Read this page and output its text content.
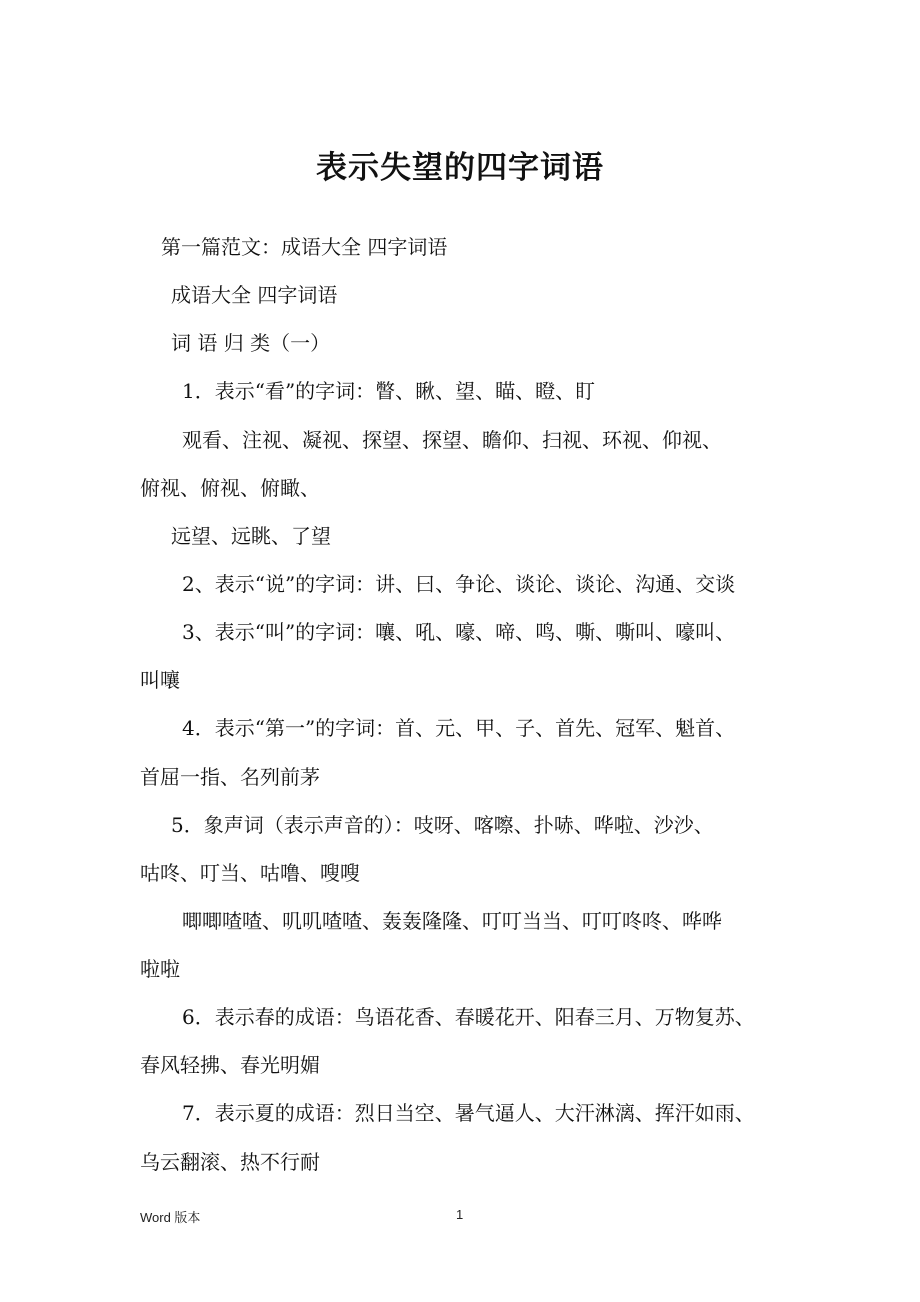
表示失望的四字词语
第一篇范文：成语大全 四字词语
成语大全 四字词语
词 语 归 类（一）
1．表示“看”的字词：瞥、瞅、望、瞄、瞪、盯
观看、注视、凝视、探望、探望、瞻仰、扫视、环视、仰视、
俯视、俯视、俯瞰、
远望、远眺、了望
2、表示“说”的字词：讲、曰、争论、谈论、谈论、沟通、交谈
3、表示“叫”的字词：嚷、吼、嚎、啼、鸣、嘶、嘶叫、嚎叫、
叫嚷
4．表示“第一”的字词：首、元、甲、子、首先、冠军、魁首、
首屈一指、名列前茅
5．象声词（表示声音的）：吱呀、喀嚓、扑哧、哗啦、沙沙、
咕咚、叮当、咕噜、嗖嗖
唧唧喳喳、叽叽喳喳、轰轰隆隆、叮叮当当、叮叮咚咚、哗哗
啦啦
6．表示春的成语：鸟语花香、春暖花开、阳春三月、万物复苏、
春风轻拂、春光明媚
7．表示夏的成语：烈日当空、暑气逼人、大汗淋漓、挥汗如雨、
乌云翻滚、热不行耐
Word 版本	1
